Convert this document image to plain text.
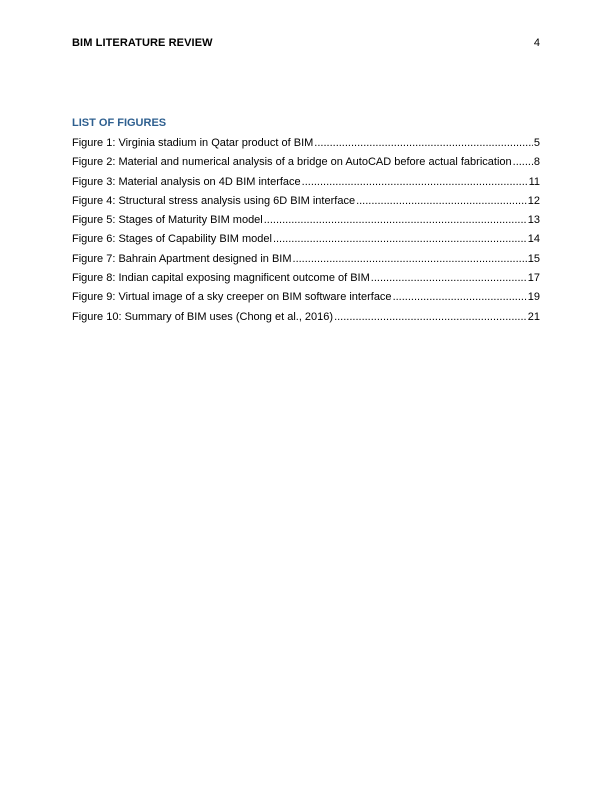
BIM LITERATURE REVIEW	4
LIST OF FIGURES
Figure 1: Virginia stadium in Qatar product of BIM .....	5
Figure 2: Material and numerical analysis of a bridge on AutoCAD before actual fabrication ..... 8
Figure 3: Material analysis on 4D BIM interface .....	11
Figure 4: Structural stress analysis using 6D BIM interface .....	12
Figure 5: Stages of Maturity BIM model .....	13
Figure 6: Stages of Capability BIM model .....	14
Figure 7: Bahrain Apartment designed in BIM .....	15
Figure 8: Indian capital exposing magnificent outcome of BIM .....	17
Figure 9: Virtual image of a sky creeper on BIM software interface .....	19
Figure 10: Summary of BIM uses (Chong et al., 2016) .....	21
